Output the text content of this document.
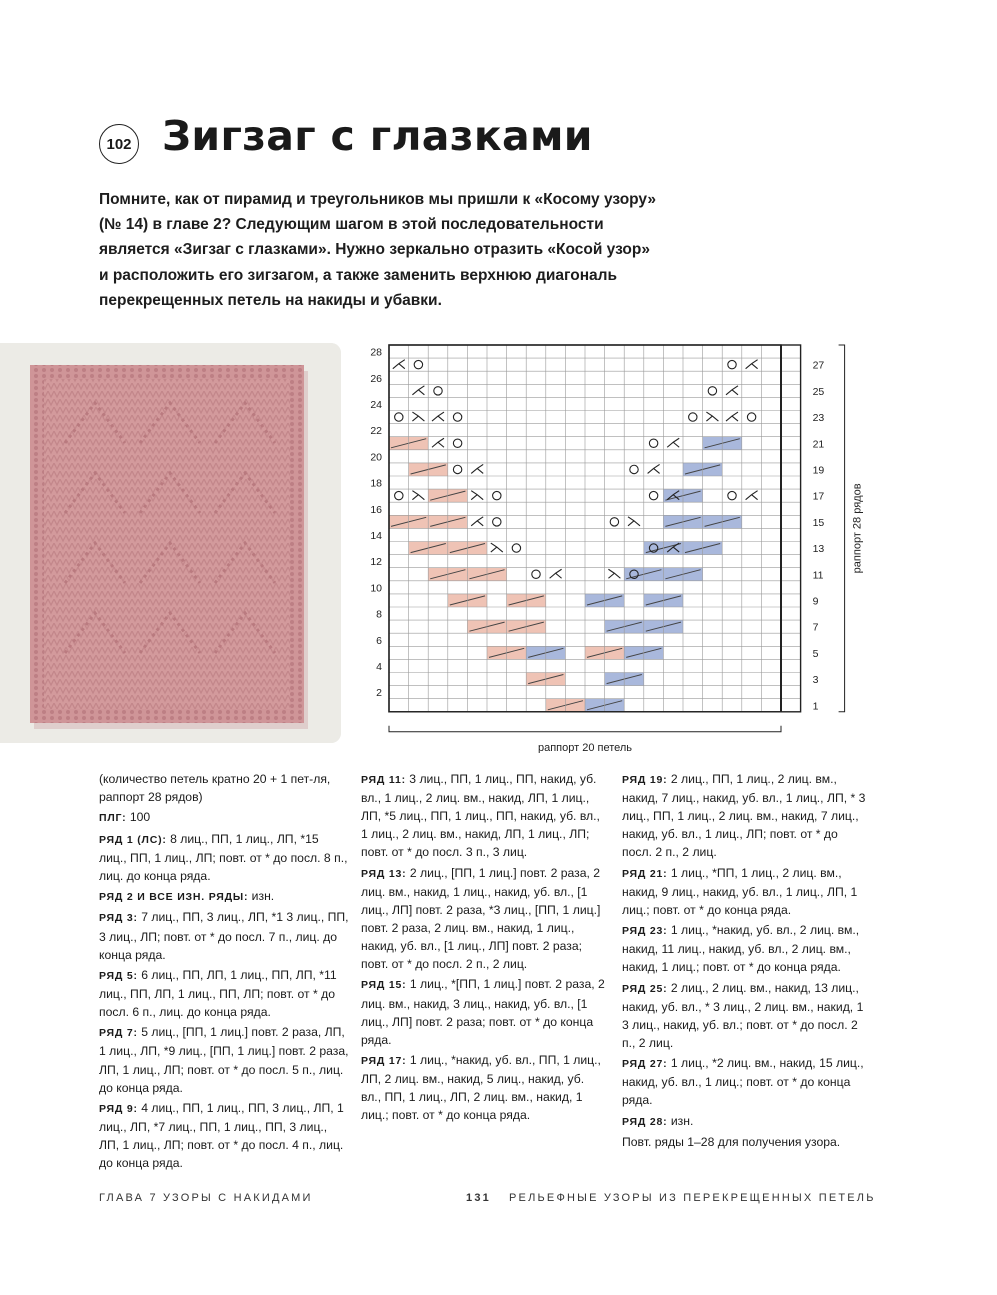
102 Зигзаг с глазками

Помните, как от пирамид и треугольников мы пришли к «Косому узору»

(№ 14) в главе 2? Следующим шагом в этой последовательности

является «Зигзаг с глазками». Нужно зеркально отразить «Косой узор»

и расположить его зигзагом, а также заменить верхнюю диагональ

перекрещенных петель на накиды и убавки.

28
26
24
22
20
18
16
14
12
10
8
6
4
2
27
25
23
21
19
17
15
13
11
9
7
5
3
1
раппорт 20 петель
раппорт 28 рядов

(количество петель кратно 20 + 1 пет-ля, раппорт 28 рядов)

ПЛГ: 100

РЯД 1 (ЛС): 8 лиц., ПП, 1 лиц., ЛП, *15 лиц., ПП, 1 лиц., ЛП; повт. от * до посл. 8 п., лиц. до конца ряда.

РЯД 2 И ВСЕ ИЗН. РЯДЫ: изн.

РЯД 3: 7 лиц., ПП, 3 лиц., ЛП, *1 3 лиц., ПП, 3 лиц., ЛП; повт. от * до посл. 7 п., лиц. до конца ряда.

РЯД 5: 6 лиц., ПП, ЛП, 1 лиц., ПП, ЛП, *11 лиц., ПП, ЛП, 1 лиц., ПП, ЛП; повт. от * до посл. 6 п., лиц. до конца ряда.

РЯД 7: 5 лиц., [ПП, 1 лиц.] повт. 2 раза, ЛП, 1 лиц., ЛП, *9 лиц., [ПП, 1 лиц.] повт. 2 раза, ЛП, 1 лиц., ЛП; повт. от * до посл. 5 п., лиц. до конца ряда.

РЯД 9: 4 лиц., ПП, 1 лиц., ПП, 3 лиц., ЛП, 1 лиц., ЛП, *7 лиц., ПП, 1 лиц., ПП, 3 лиц., ЛП, 1 лиц., ЛП; повт. от * до посл. 4 п., лиц. до конца ряда.

РЯД 11: 3 лиц., ПП, 1 лиц., ПП, накид, уб. вл., 1 лиц., 2 лиц. вм., накид, ЛП, 1 лиц., ЛП, *5 лиц., ПП, 1 лиц., ПП, накид, уб. вл., 1 лиц., 2 лиц. вм., накид, ЛП, 1 лиц., ЛП; повт. от * до посл. 3 п., 3 лиц.

РЯД 13: 2 лиц., [ПП, 1 лиц.] повт. 2 раза, 2 лиц. вм., накид, 1 лиц., накид, уб. вл., [1 лиц., ЛП] повт. 2 раза, *3 лиц., [ПП, 1 лиц.] повт. 2 раза, 2 лиц. вм., накид, 1 лиц., накид, уб. вл., [1 лиц., ЛП] повт. 2 раза; повт. от * до посл. 2 п., 2 лиц.

РЯД 15: 1 лиц., *[ПП, 1 лиц.] повт. 2 раза, 2 лиц. вм., накид, 3 лиц., накид, уб. вл., [1 лиц., ЛП] повт. 2 раза; повт. от * до конца ряда.

РЯД 17: 1 лиц., *накид, уб. вл., ПП, 1 лиц., ЛП, 2 лиц. вм., накид, 5 лиц., накид, уб. вл., ПП, 1 лиц., ЛП, 2 лиц. вм., накид, 1 лиц.; повт. от * до конца ряда.

РЯД 19: 2 лиц., ПП, 1 лиц., 2 лиц. вм., накид, 7 лиц., накид, уб. вл., 1 лиц., ЛП, * 3 лиц., ПП, 1 лиц., 2 лиц. вм., накид, 7 лиц., накид, уб. вл., 1 лиц., ЛП; повт. от * до посл. 2 п., 2 лиц.

РЯД 21: 1 лиц., *ПП, 1 лиц., 2 лиц. вм., накид, 9 лиц., накид, уб. вл., 1 лиц., ЛП, 1 лиц.; повт. от * до конца ряда.

РЯД 23: 1 лиц., *накид, уб. вл., 2 лиц. вм., накид, 11 лиц., накид, уб. вл., 2 лиц. вм., накид, 1 лиц.; повт. от * до конца ряда.

РЯД 25: 2 лиц., 2 лиц. вм., накид, 13 лиц., накид, уб. вл., * 3 лиц., 2 лиц. вм., накид, 1 3 лиц., накид, уб. вл.; повт. от * до посл. 2 п., 2 лиц.

РЯД 27: 1 лиц., *2 лиц. вм., накид, 15 лиц., накид, уб. вл., 1 лиц.; повт. от * до конца ряда.

РЯД 28: изн.

Повт. ряды 1–28 для получения узора.

ГЛАВА 7 УЗОРЫ С НАКИДАМИ	131 РЕЛЬЕФНЫЕ УЗОРЫ ИЗ ПЕРЕКРЕЩЕННЫХ ПЕТЕЛЬ
